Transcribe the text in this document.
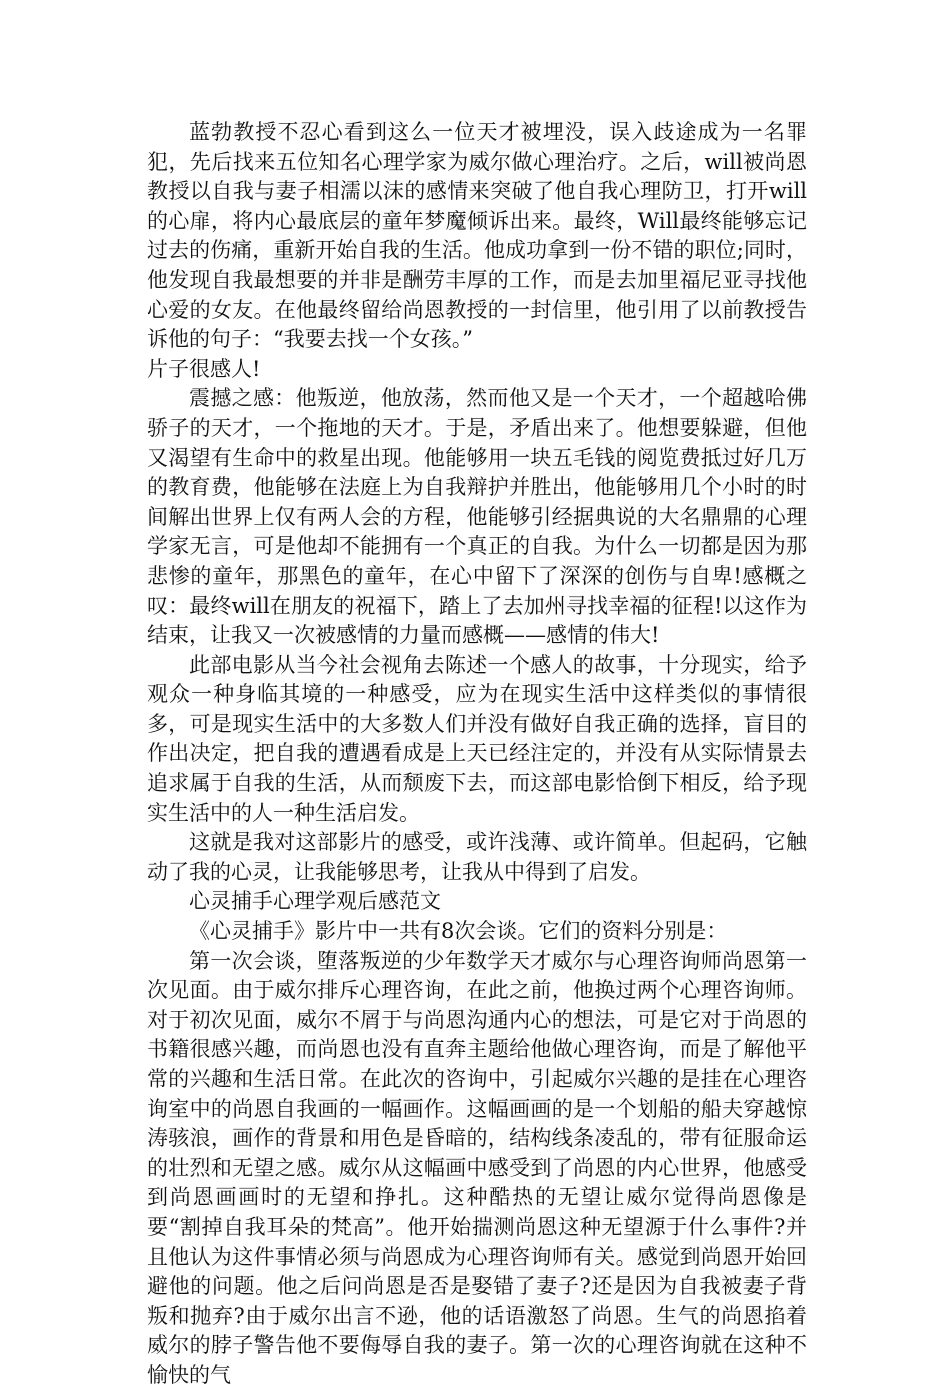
蓝勃教授不忍心看到这么一位天才被埋没，误入歧途成为一名罪犯，先后找来五位知名心理学家为威尔做心理治疗。之后，will被尚恩教授以自我与妻子相濡以沫的感情来突破了他自我心理防卫，打开will的心扉，将内心最底层的童年梦魔倾诉出来。最终，Will最终能够忘记过去的伤痛，重新开始自我的生活。他成功拿到一份不错的职位;同时，他发现自我最想要的并非是酬劳丰厚的工作，而是去加里福尼亚寻找他心爱的女友。在他最终留给尚恩教授的一封信里，他引用了以前教授告诉他的句子：“我要去找一个女孩。”

片子很感人!

震撼之感：他叛逆，他放荡，然而他又是一个天才，一个超越哈佛骄子的天才，一个拖地的天才。于是，矛盾出来了。他想要躲避，但他又渴望有生命中的救星出现。他能够用一块五毛钱的阅览费抵过好几万的教育费，他能够在法庭上为自我辩护并胜出，他能够用几个小时的时间解出世界上仅有两人会的方程，他能够引经据典说的大名鼎鼎的心理学家无言，可是他却不能拥有一个真正的自我。为什么一切都是因为那悲惨的童年，那黑色的童年，在心中留下了深深的创伤与自卑!感概之叹：最终will在朋友的祝福下，踏上了去加州寻找幸福的征程!以这作为结束，让我又一次被感情的力量而感概——感情的伟大!

此部电影从当今社会视角去陈述一个感人的故事，十分现实，给予观众一种身临其境的一种感受，应为在现实生活中这样类似的事情很多，可是现实生活中的大多数人们并没有做好自我正确的选择，盲目的作出决定，把自我的遭遇看成是上天已经注定的，并没有从实际情景去追求属于自我的生活，从而颓废下去，而这部电影恰倒下相反，给予现实生活中的人一种生活启发。

这就是我对这部影片的感受，或许浅薄、或许简单。但起码，它触动了我的心灵，让我能够思考，让我从中得到了启发。

心灵捕手心理学观后感范文

《心灵捕手》影片中一共有8次会谈。它们的资料分别是：

第一次会谈，堕落叛逆的少年数学天才威尔与心理咨询师尚恩第一次见面。由于威尔排斥心理咨询，在此之前，他换过两个心理咨询师。对于初次见面，威尔不屑于与尚恩沟通内心的想法，可是它对于尚恩的书籍很感兴趣，而尚恩也没有直奔主题给他做心理咨询，而是了解他平常的兴趣和生活日常。在此次的咨询中，引起威尔兴趣的是挂在心理咨询室中的尚恩自我画的一幅画作。这幅画画的是一个划船的船夫穿越惊涛骇浪，画作的背景和用色是昏暗的，结构线条凌乱的，带有征服命运的壮烈和无望之感。威尔从这幅画中感受到了尚恩的内心世界，他感受到尚恩画画时的无望和挣扎。这种酷热的无望让威尔觉得尚恩像是要“割掉自我耳朵的梵高”。他开始揣测尚恩这种无望源于什么事件?并且他认为这件事情必须与尚恩成为心理咨询师有关。感觉到尚恩开始回避他的问题。他之后问尚恩是否是娶错了妻子?还是因为自我被妻子背叛和抛弃?由于威尔出言不逊，他的话语激怒了尚恩。生气的尚恩掐着威尔的脖子警告他不要侮辱自我的妻子。第一次的心理咨询就在这种不愉快的气
